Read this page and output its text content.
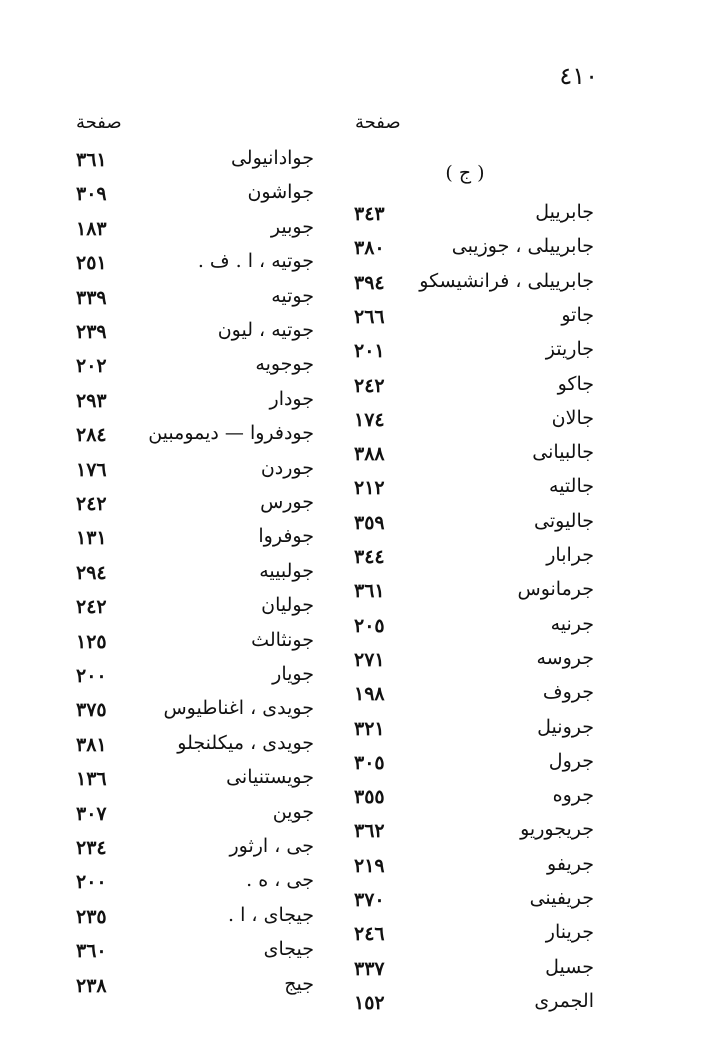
٤١٠
صفحة
صفحة
( ج )
جابرييل
٣٤٣
جابرييلى ، جوزيبى
٣٨٠
جابرييلى ، فرانشيسكو
٣٩٤
جاتو
٢٦٦
جاريتز
٢٠١
جاكو
٢٤٢
جالان
١٧٤
جالبيانى
٣٨٨
جالتيه
٢١٢
جاليوتى
٣٥٩
جرابار
٣٤٤
جرمانوس
٣٦١
جرنيه
٢٠٥
جروسه
٢٧١
جروف
١٩٨
جرونيل
٣٢١
جرول
٣٠٥
جروه
٣٥٥
جريجوريو
٣٦٢
جريفو
٢١٩
جريفينى
٣٧٠
جرينار
٢٤٦
جسيل
٣٣٧
الجمرى
١٥٢
جوادانيولى
٣٦١
جواشون
٣٠٩
جوبير
١٨٣
جوتيه ، ا . ف .
٢٥١
جوتيه
٣٣٩
جوتيه ، ليون
٢٣٩
جوجويه
٢٠٢
جودار
٢٩٣
جودفروا — ديمومبين
٢٨٤
جوردن
١٧٦
جورس
٢٤٢
جوفروا
١٣١
جولبييه
٢٩٤
جوليان
٢٤٢
جونثالث
١٢٥
جويار
٢٠٠
جويدى ، اغناطيوس
٣٧٥
جويدى ، ميكلنجلو
٣٨١
جويستنيانى
١٣٦
جوين
٣٠٧
جى ، ارثور
٢٣٤
جى ، ه .
٢٠٠
جيجاى ، ا .
٢٣٥
جيجاى
٣٦٠
جيج
٢٣٨
